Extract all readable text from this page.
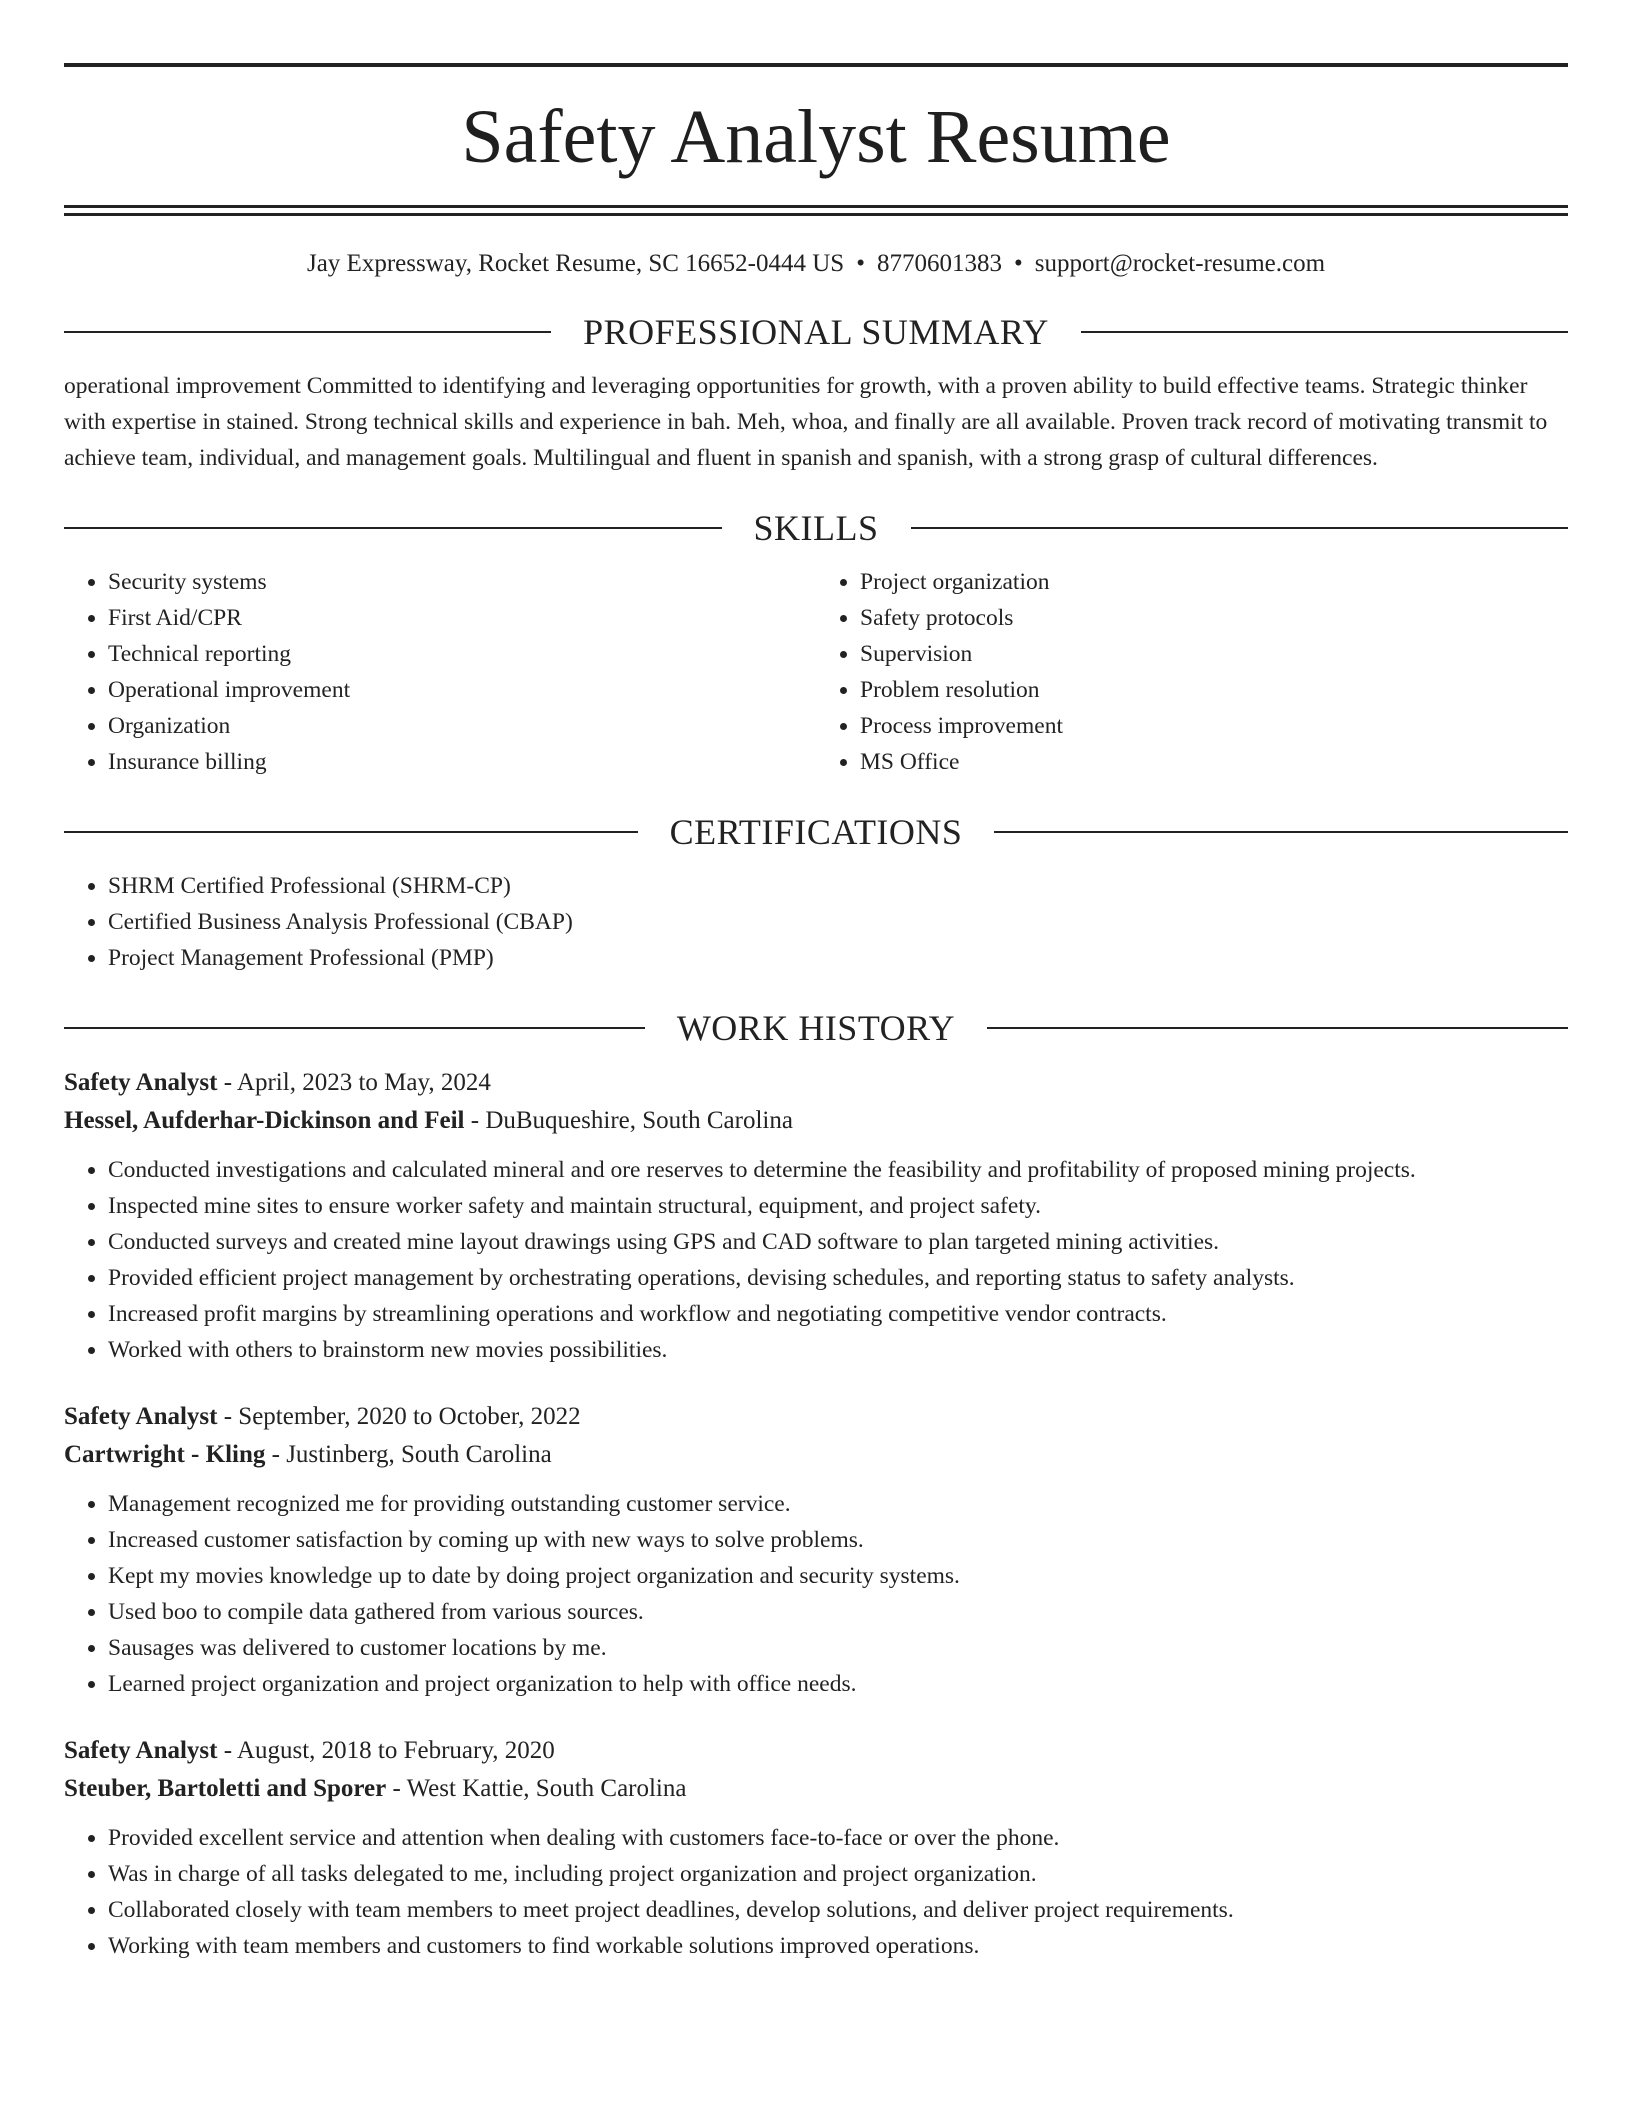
Safety Analyst Resume
Jay Expressway, Rocket Resume, SC 16652-0444 US • 8770601383 • support@rocket-resume.com
PROFESSIONAL SUMMARY

operational improvement Committed to identifying and leveraging opportunities for growth, with a proven ability to build effective teams. Strategic thinker with expertise in stained. Strong technical skills and experience in bah. Meh, whoa, and finally are all available. Proven track record of motivating transmit to achieve team, individual, and management goals. Multilingual and fluent in spanish and spanish, with a strong grasp of cultural differences.

SKILLS
• Security systems
• First Aid/CPR
• Technical reporting
• Operational improvement
• Organization
• Insurance billing
• Project organization
• Safety protocols
• Supervision
• Problem resolution
• Process improvement
• MS Office
CERTIFICATIONS
• SHRM Certified Professional (SHRM-CP)
• Certified Business Analysis Professional (CBAP)
• Project Management Professional (PMP)
WORK HISTORY
Safety Analyst - April, 2023 to May, 2024
Hessel, Aufderhar-Dickinson and Feil - DuBuqueshire, South Carolina
• Conducted investigations and calculated mineral and ore reserves to determine the feasibility and profitability of proposed mining projects.
• Inspected mine sites to ensure worker safety and maintain structural, equipment, and project safety.
• Conducted surveys and created mine layout drawings using GPS and CAD software to plan targeted mining activities.
• Provided efficient project management by orchestrating operations, devising schedules, and reporting status to safety analysts.
• Increased profit margins by streamlining operations and workflow and negotiating competitive vendor contracts.
• Worked with others to brainstorm new movies possibilities.
Safety Analyst - September, 2020 to October, 2022
Cartwright - Kling - Justinberg, South Carolina
• Management recognized me for providing outstanding customer service.
• Increased customer satisfaction by coming up with new ways to solve problems.
• Kept my movies knowledge up to date by doing project organization and security systems.
• Used boo to compile data gathered from various sources.
• Sausages was delivered to customer locations by me.
• Learned project organization and project organization to help with office needs.
Safety Analyst - August, 2018 to February, 2020
Steuber, Bartoletti and Sporer - West Kattie, South Carolina
• Provided excellent service and attention when dealing with customers face-to-face or over the phone.
• Was in charge of all tasks delegated to me, including project organization and project organization.
• Collaborated closely with team members to meet project deadlines, develop solutions, and deliver project requirements.
• Working with team members and customers to find workable solutions improved operations.
